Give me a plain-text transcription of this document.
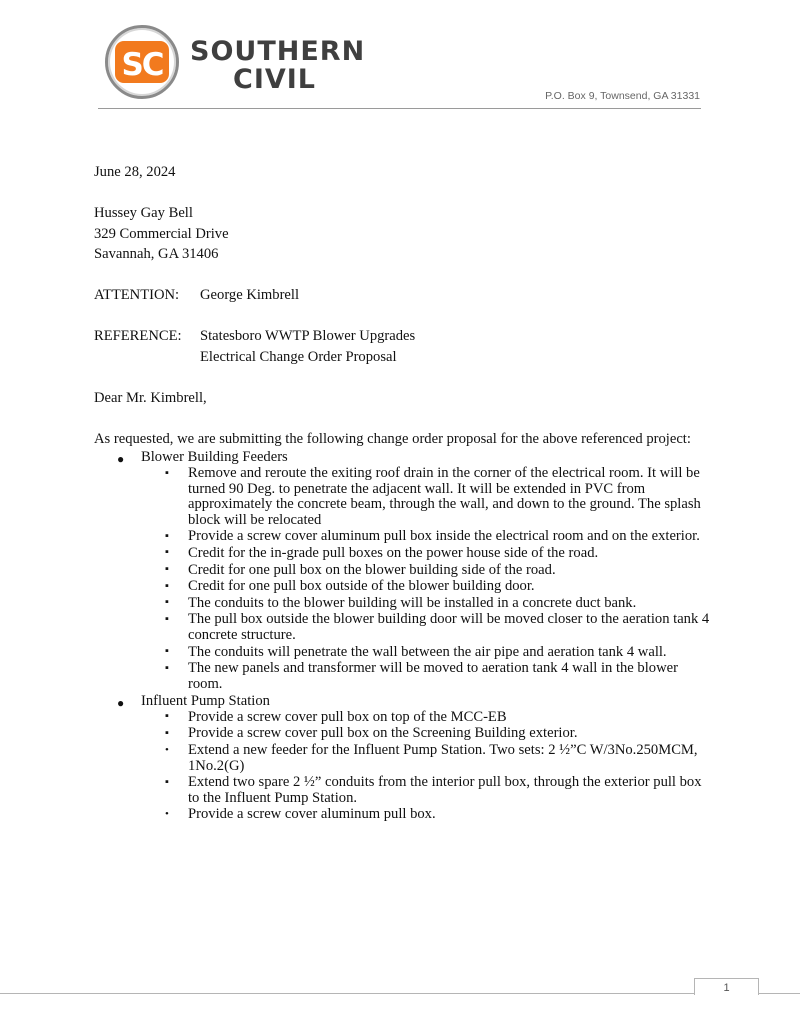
SC SOUTHERN
CIVIL
P.O. Box 9, Townsend, GA 31331

June 28, 2024

Hussey Gay Bell

329 Commercial Drive

Savannah, GA 31406

ATTENTION:	George Kimbrell
REFERENCE:	Statesboro WWTP Blower Upgrades
Electrical Change Order Proposal

Dear Mr. Kimbrell,

As requested, we are submitting the following change order proposal for the above referenced project:

● Blower Building Feeders
▪ Remove and reroute the exiting roof drain in the corner of the electrical room. It will be turned 90 Deg. to penetrate the adjacent wall. It will be extended in PVC from approximately the concrete beam, through the wall, and down to the ground. The splash block will be relocated
▪ Provide a screw cover aluminum pull box inside the electrical room and on the exterior.
▪ Credit for the in-grade pull boxes on the power house side of the road.
▪ Credit for one pull box on the blower building side of the road.
▪ Credit for one pull box outside of the blower building door.
▪ The conduits to the blower building will be installed in a concrete duct bank.
▪ The pull box outside the blower building door will be moved closer to the aeration tank 4 concrete structure.
▪ The conduits will penetrate the wall between the air pipe and aeration tank 4 wall.
▪ The new panels and transformer will be moved to aeration tank 4 wall in the blower room.
● Influent Pump Station
▪ Provide a screw cover pull box on top of the MCC-EB
▪ Provide a screw cover pull box on the Screening Building exterior.
• Extend a new feeder for the Influent Pump Station. Two sets: 2 ½”C W/3No.250MCM, 1No.2(G)
▪ Extend two spare 2 ½” conduits from the interior pull box, through the exterior pull box to the Influent Pump Station.
• Provide a screw cover aluminum pull box.
1
